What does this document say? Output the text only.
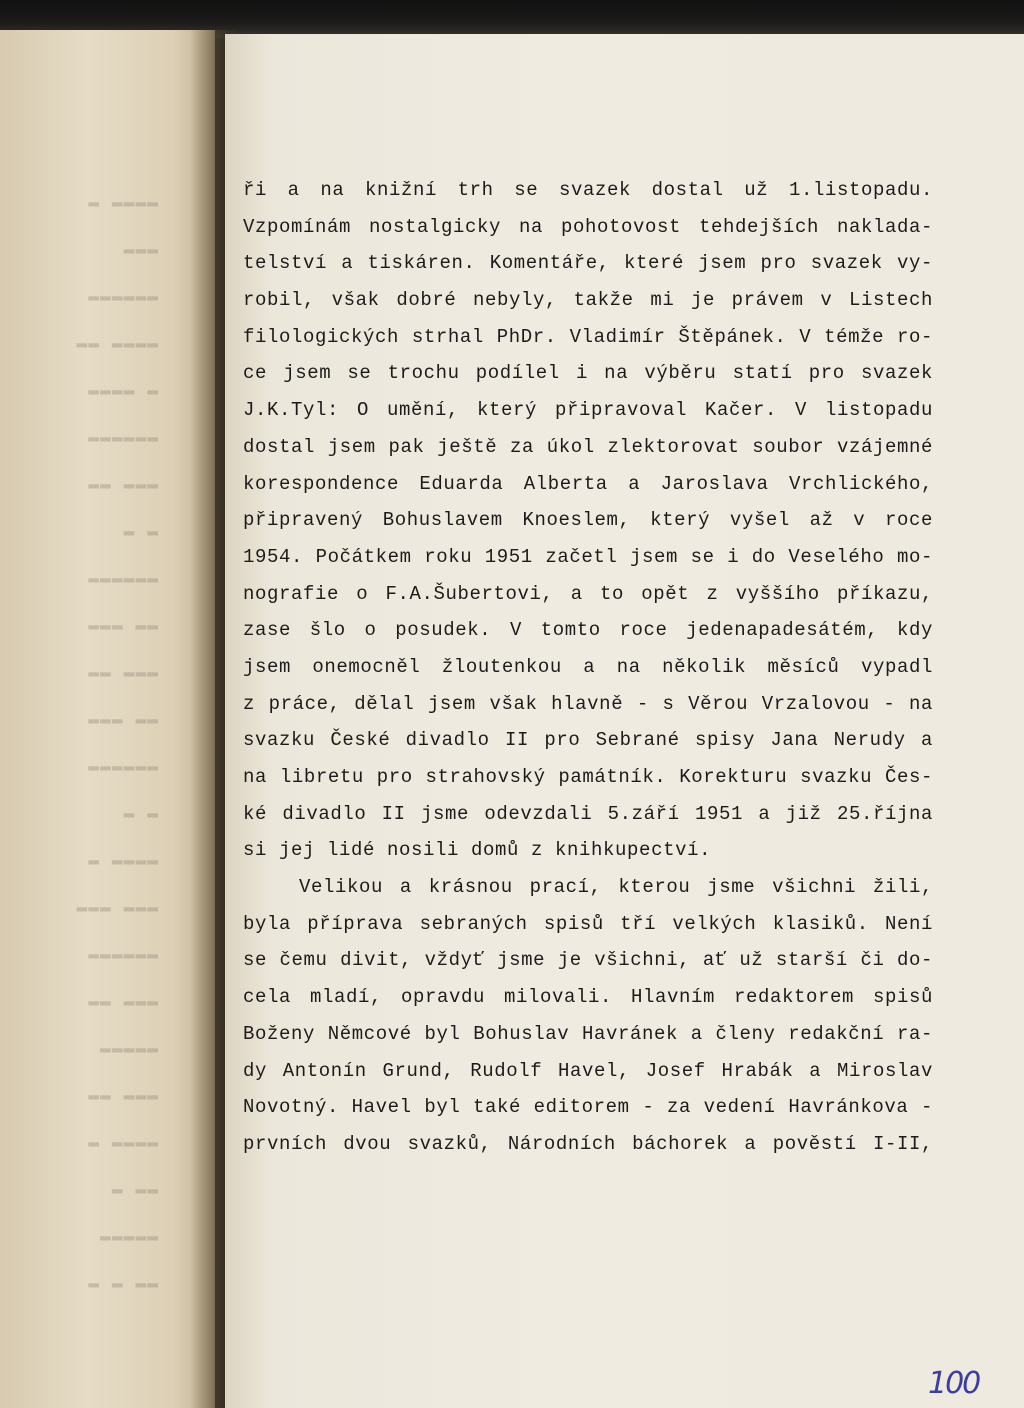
▬▬▬▬ ▬
▬▬▬
▬▬▬▬▬▬
▬▬▬▬ ▬▬
▬ ▬▬▬▬
▬▬▬▬▬▬
▬▬▬ ▬▬
▬ ▬
▬▬▬▬▬▬
▬▬ ▬▬▬
▬▬▬ ▬▬
▬▬ ▬▬▬
▬▬▬▬▬▬
▬ ▬
▬▬▬▬ ▬
▬▬▬ ▬▬▬
▬▬▬▬▬▬
▬▬▬ ▬▬
▬▬▬▬▬
▬▬▬ ▬▬
▬▬▬▬ ▬
▬▬ ▬
▬▬▬▬▬
▬▬ ▬ ▬
ři a na knižní trh se svazek dostal už 1.listopadu.
Vzpomínám nostalgicky na pohotovost tehdejších naklada-
telství a tiskáren. Komentáře, které jsem pro svazek vy-
robil, však dobré nebyly, takže mi je právem v Listech
filologických strhal PhDr. Vladimír Štěpánek. V témže ro-
ce jsem se trochu podílel i na výběru statí pro svazek
J.K.Tyl: O umění, který připravoval Kačer. V listopadu
dostal jsem pak ještě za úkol zlektorovat soubor vzájemné
korespondence Eduarda Alberta a Jaroslava Vrchlického,
připravený Bohuslavem Knoeslem, který vyšel až v roce
1954. Počátkem roku 1951 začetl jsem se i do Veselého mo-
nografie o F.A.Šubertovi, a to opět z vyššího příkazu,
zase šlo o posudek. V tomto roce jedenapadesátém, kdy
jsem onemocněl žloutenkou a na několik měsíců vypadl
z práce, dělal jsem však hlavně - s Věrou Vrzalovou - na
svazku České divadlo II pro Sebrané spisy Jana Nerudy a
na libretu pro strahovský památník. Korekturu svazku Čes-
ké divadlo II jsme odevzdali 5.září 1951 a již 25.října
si jej lidé nosili domů z knihkupectví.
Velikou a krásnou prací, kterou jsme všichni žili,
byla příprava sebraných spisů tří velkých klasiků. Není
se čemu divit, vždyť jsme je všichni, ať už starší či do-
cela mladí, opravdu milovali. Hlavním redaktorem spisů
Boženy Němcové byl Bohuslav Havránek a členy redakční ra-
dy Antonín Grund, Rudolf Havel, Josef Hrabák a Miroslav
Novotný. Havel byl také editorem - za vedení Havránkova -
prvních dvou svazků, Národních báchorek a pověstí I-II,
100
